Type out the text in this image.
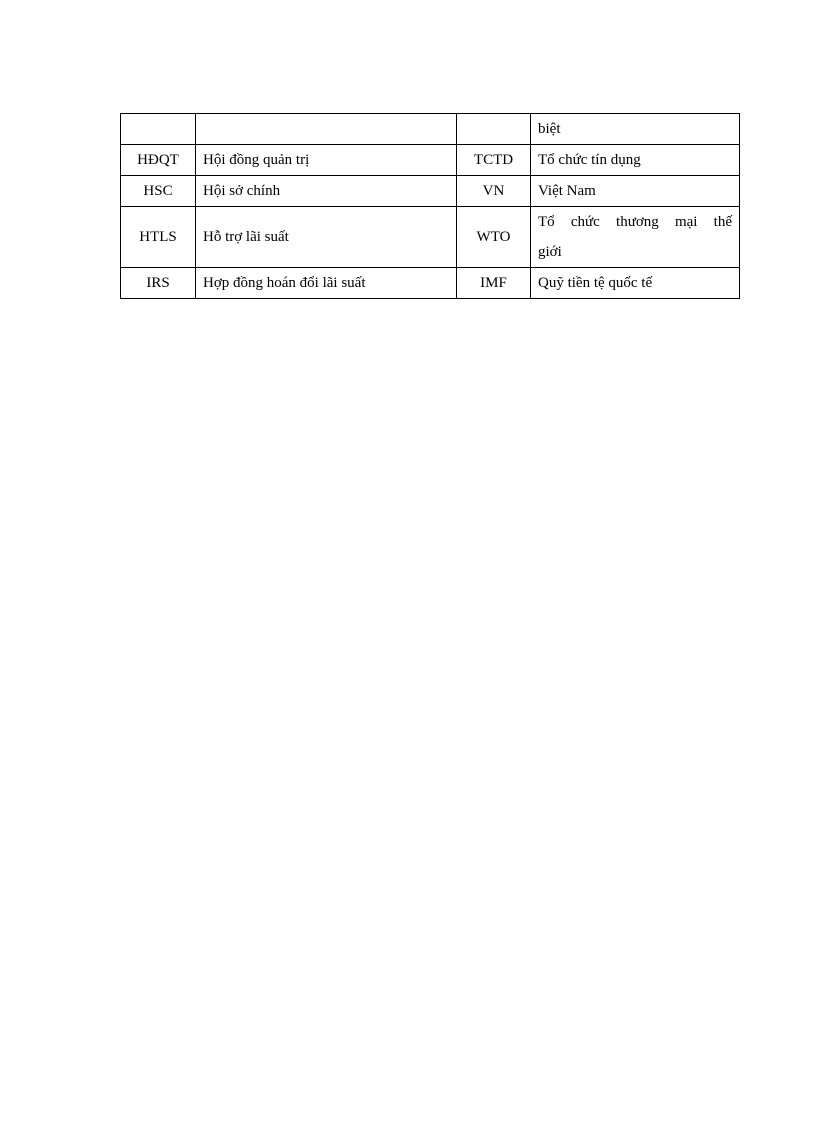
			biệt
HĐQT	Hội đồng quản trị	TCTD	Tổ chức tín dụng
HSC	Hội sở chính	VN	Việt Nam
HTLS	Hỗ trợ lãi suất	WTO	Tổ chức thương mại thế
giới

IRS	Hợp đồng hoán đổi lãi suất	IMF	Quỹ tiền tệ quốc tế
